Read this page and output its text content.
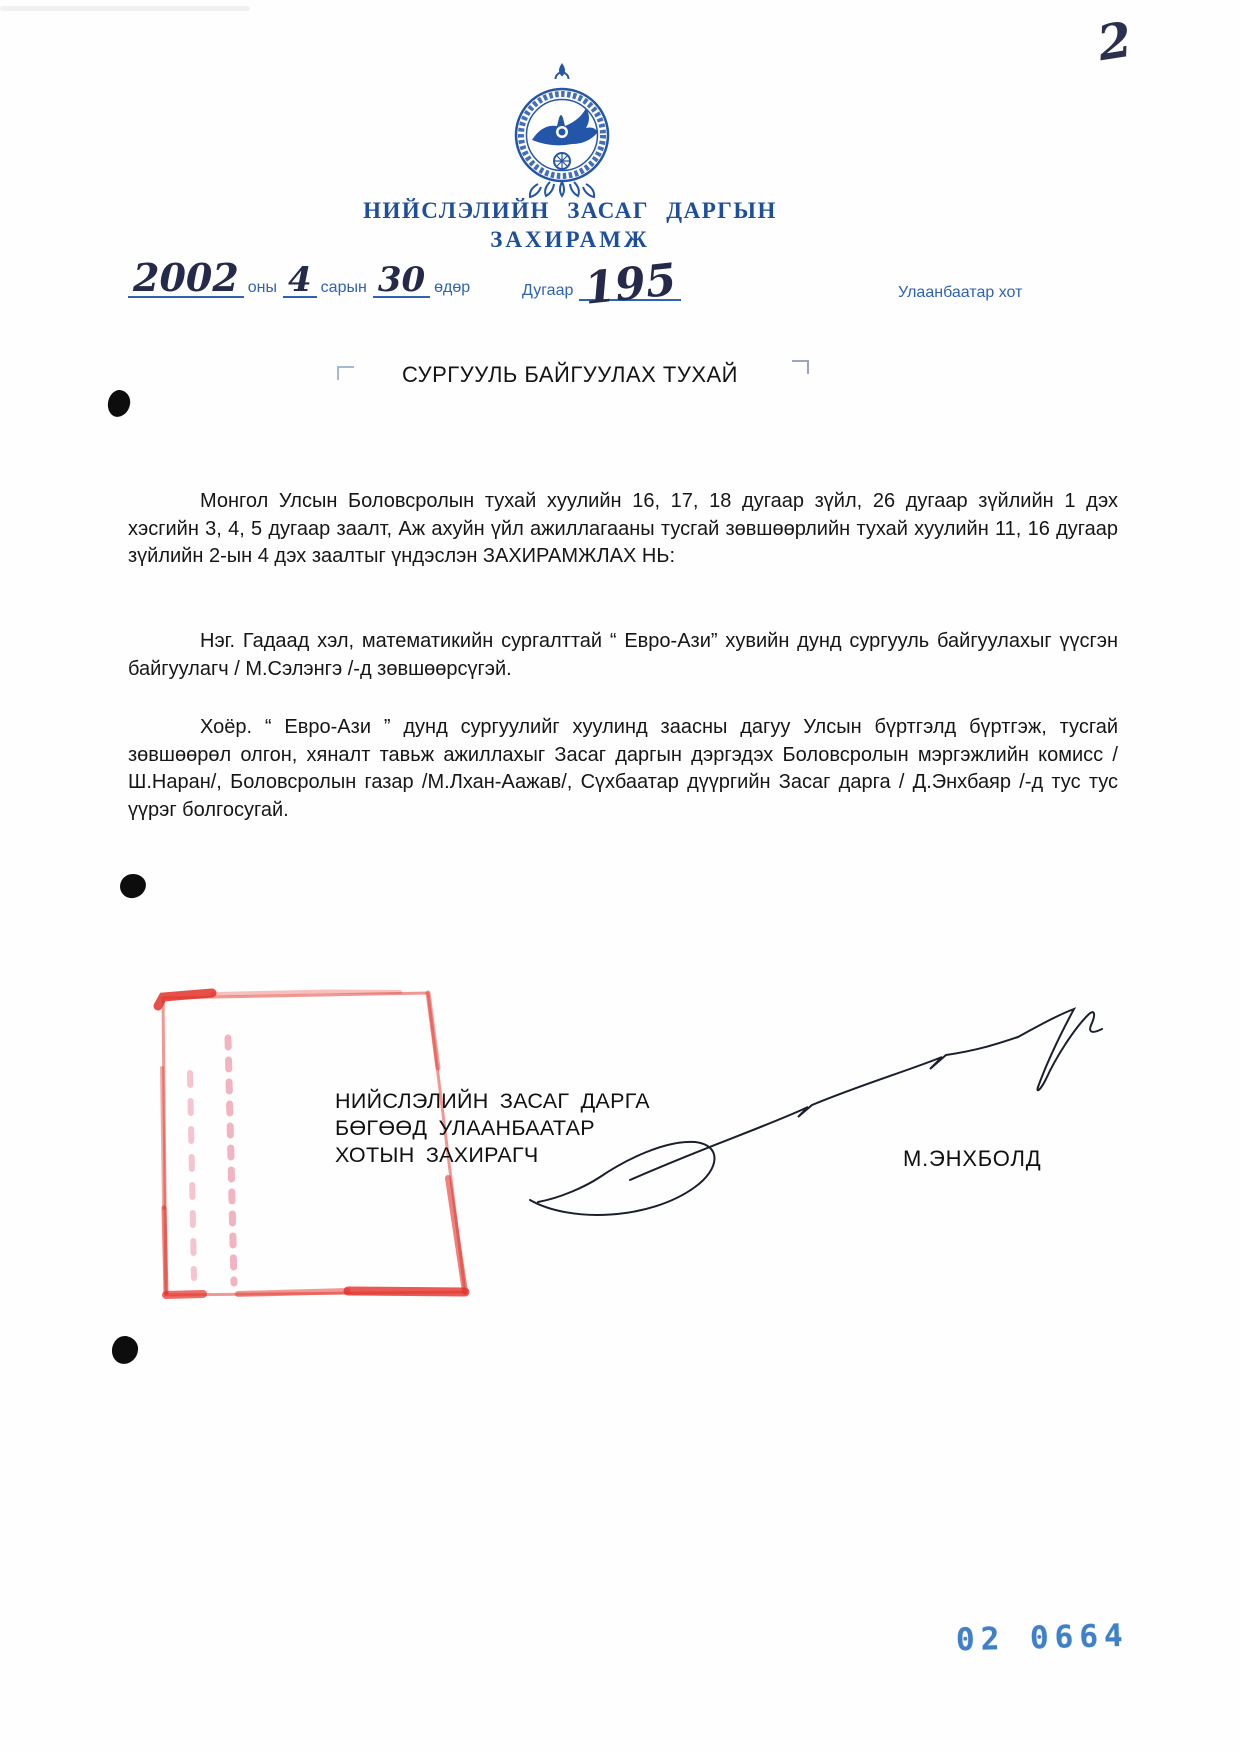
2
НИЙСЛЭЛИЙН ЗАСАГ ДАРГЫН
ЗАХИРАМЖ
2002 оны 4 сарын 30 өдөр	Дугаар 195	Улаанбаатар хот
СУРГУУЛЬ БАЙГУУЛАХ ТУХАЙ

Монгол Улсын Боловсролын тухай хуулийн 16, 17, 18 дугаар зүйл, 26 дугаар зүйлийн 1 дэх хэсгийн 3, 4, 5 дугаар заалт, Аж ахуйн үйл ажиллагааны тусгай зөвшөөрлийн тухай хуулийн 11, 16 дугаар зүйлийн 2-ын 4 дэх заалтыг үндэслэн ЗАХИРАМЖЛАХ НЬ:

Нэг. Гадаад хэл, математикийн сургалттай “ Евро-Ази” хувийн дунд сургууль байгуулахыг үүсгэн байгуулагч / М.Сэлэнгэ /-д зөвшөөрсүгэй.

Хоёр. “ Евро-Ази ” дунд сургуулийг хуулинд заасны дагуу Улсын бүртгэлд бүртгэж, тусгай зөвшөөрөл олгон, хяналт тавьж ажиллахыг Засаг даргын дэргэдэх Боловсролын мэргэжлийн комисс /Ш.Наран/, Боловсролын газар /М.Лхан-Аажав/, Сүхбаатар дүүргийн Засаг дарга / Д.Энхбаяр /-д тус тус үүрэг болгосугай.

НИЙСЛЭЛИЙН ЗАСАГ ДАРГА
БӨГӨӨД УЛААНБААТАР
ХОТЫН ЗАХИРАГЧ	М.ЭНХБОЛД
02 0664
